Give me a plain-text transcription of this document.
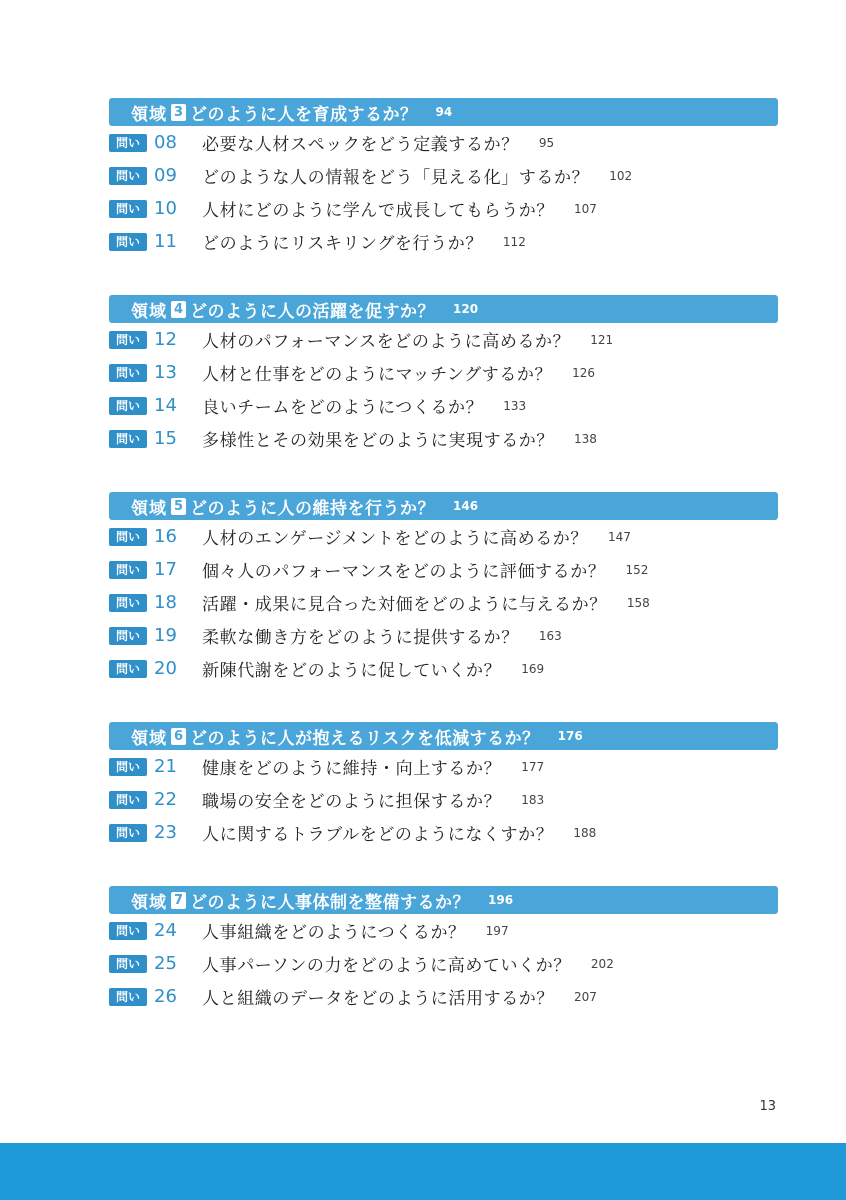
領域 3 どのように人を育成するか？ 94
問い 08	必要な人材スペックをどう定義するか？ 95
問い 09	どのような人の情報をどう「見える化」するか？ 102
問い 10	人材にどのように学んで成長してもらうか？ 107
問い 11	どのようにリスキリングを行うか？ 112
領域 4 どのように人の活躍を促すか？ 120
問い 12	人材のパフォーマンスをどのように高めるか？ 121
問い 13	人材と仕事をどのようにマッチングするか？ 126
問い 14	良いチームをどのようにつくるか？ 133
問い 15	多様性とその効果をどのように実現するか？ 138
領域 5 どのように人の維持を行うか？ 146
問い 16	人材のエンゲージメントをどのように高めるか？ 147
問い 17	個々人のパフォーマンスをどのように評価するか？ 152
問い 18	活躍・成果に見合った対価をどのように与えるか？ 158
問い 19	柔軟な働き方をどのように提供するか？ 163
問い 20	新陳代謝をどのように促していくか？ 169
領域 6 どのように人が抱えるリスクを低減するか？ 176
問い 21	健康をどのように維持・向上するか？ 177
問い 22	職場の安全をどのように担保するか？ 183
問い 23	人に関するトラブルをどのようになくすか？ 188
領域 7 どのように人事体制を整備するか？ 196
問い 24	人事組織をどのようにつくるか？ 197
問い 25	人事パーソンの力をどのように高めていくか？ 202
問い 26	人と組織のデータをどのように活用するか？ 207
13
